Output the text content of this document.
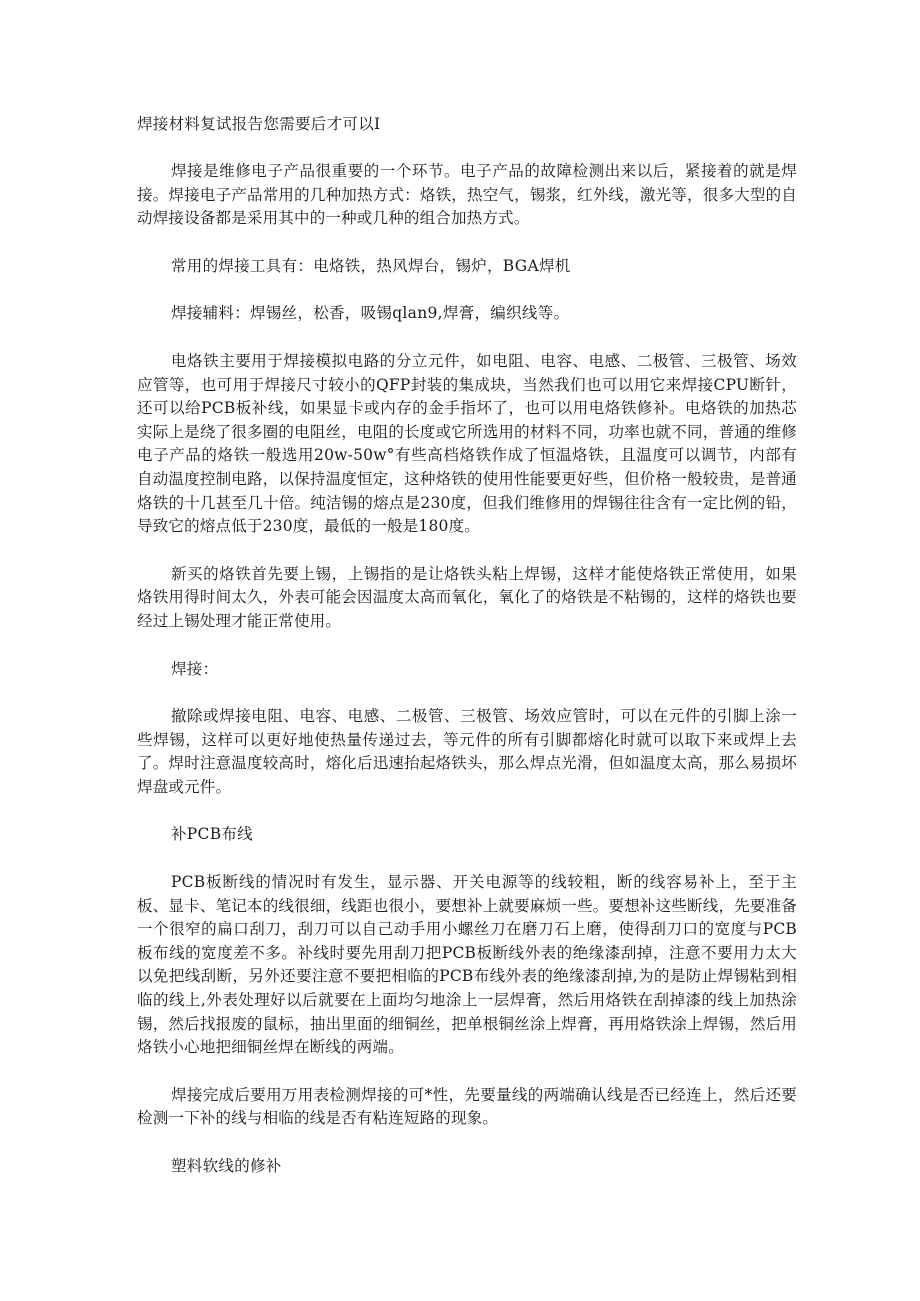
焊接材料复试报告您需要后才可以I

焊接是维修电子产品很重要的一个环节。电子产品的故障检测出来以后，紧接着的就是焊接。焊接电子产品常用的几种加热方式：烙铁，热空气，锡浆，红外线，激光等，很多大型的自动焊接设备都是采用其中的一种或几种的组合加热方式。

常用的焊接工具有：电烙铁，热风焊台，锡炉，BGA焊机

焊接辅料：焊锡丝，松香，吸锡qlan9,焊膏，编织线等。

电烙铁主要用于焊接模拟电路的分立元件，如电阻、电容、电感、二极管、三极管、场效应管等，也可用于焊接尺寸较小的QFP封装的集成块，当然我们也可以用它来焊接CPU断针，还可以给PCB板补线，如果显卡或内存的金手指坏了，也可以用电烙铁修补。电烙铁的加热芯实际上是绕了很多圈的电阻丝，电阻的长度或它所选用的材料不同，功率也就不同，普通的维修电子产品的烙铁一般选用20w-50w°有些高档烙铁作成了恒温烙铁，且温度可以调节，内部有自动温度控制电路，以保持温度恒定，这种烙铁的使用性能要更好些，但价格一般较贵，是普通烙铁的十几甚至几十倍。纯洁锡的熔点是230度，但我们维修用的焊锡往往含有一定比例的铅，导致它的熔点低于230度，最低的一般是180度。

新买的烙铁首先要上锡，上锡指的是让烙铁头粘上焊锡，这样才能使烙铁正常使用，如果烙铁用得时间太久，外表可能会因温度太高而氧化，氧化了的烙铁是不粘锡的，这样的烙铁也要经过上锡处理才能正常使用。

焊接：

撤除或焊接电阻、电容、电感、二极管、三极管、场效应管时，可以在元件的引脚上涂一些焊锡，这样可以更好地使热量传递过去，等元件的所有引脚都熔化时就可以取下来或焊上去了。焊时注意温度较高时，熔化后迅速抬起烙铁头，那么焊点光滑，但如温度太高，那么易损坏焊盘或元件。

补PCB布线

PCB板断线的情况时有发生，显示器、开关电源等的线较粗，断的线容易补上，至于主板、显卡、笔记本的线很细，线距也很小，要想补上就要麻烦一些。要想补这些断线，先要准备一个很窄的扁口刮刀，刮刀可以自己动手用小螺丝刀在磨刀石上磨，使得刮刀口的宽度与PCB板布线的宽度差不多。补线时要先用刮刀把PCB板断线外表的绝缘漆刮掉，注意不要用力太大以免把线刮断，另外还要注意不要把相临的PCB布线外表的绝缘漆刮掉,为的是防止焊锡粘到相临的线上,外表处理好以后就要在上面均匀地涂上一层焊膏，然后用烙铁在刮掉漆的线上加热涂锡，然后找报废的鼠标，抽出里面的细铜丝，把单根铜丝涂上焊膏，再用烙铁涂上焊锡，然后用烙铁小心地把细铜丝焊在断线的两端。

焊接完成后要用万用表检测焊接的可*性，先要量线的两端确认线是否已经连上，然后还要检测一下补的线与相临的线是否有粘连短路的现象。

塑料软线的修补
